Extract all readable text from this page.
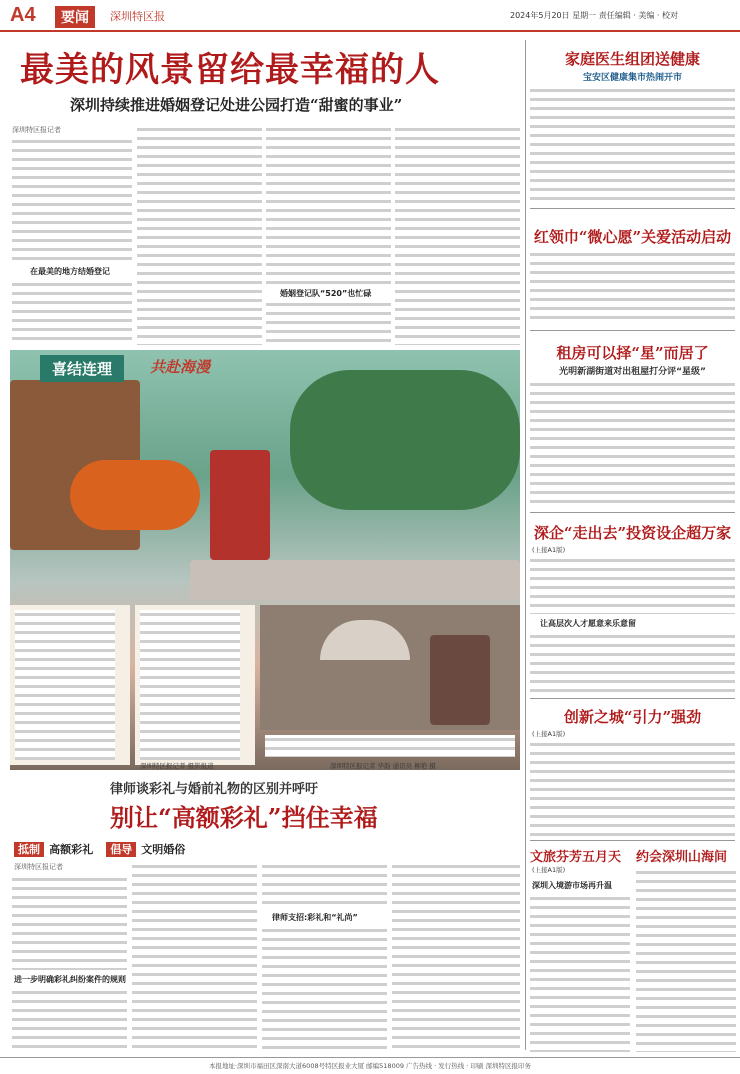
A4	要闻	深圳特区报	2024年5月20日 星期一 责任编辑 · 美编 · 校对
最美的风景留给最幸福的人
深圳持续推进婚姻登记处进公园打造“甜蜜的事业”
深圳特区报记者
在最美的地方结婚登记
婚姻登记队“520”也忙碌
喜结连理	共赴海漫
深圳特区报记者 摄影报道	深圳特区报记者 毕韵 通讯员 柳艳 摄
律师谈彩礼与婚前礼物的区别并呼吁
别让“高额彩礼”挡住幸福
抵制 高额彩礼 倡导 文明婚俗
深圳特区报记者
进一步明确彩礼纠纷案件的规则
律师支招:彩礼和“礼尚”
家庭医生组团送健康
宝安区健康集市热闹开市
红领巾“微心愿”关爱活动启动
租房可以择“星”而居了
光明新湖街道对出租屋打分评“星级”
深企“走出去”投资设企超万家
(上接A1版)
让高层次人才愿意来乐意留
创新之城“引力”强劲
(上接A1版)
文旅芬芳五月天
(上接A1版)
深圳入境游市场再升温
约会深圳山海间
本报地址·深圳市福田区深南大道6008号特区报业大厦 邮编518009 广告热线 · 发行热线 · 印刷 深圳特区报印务
